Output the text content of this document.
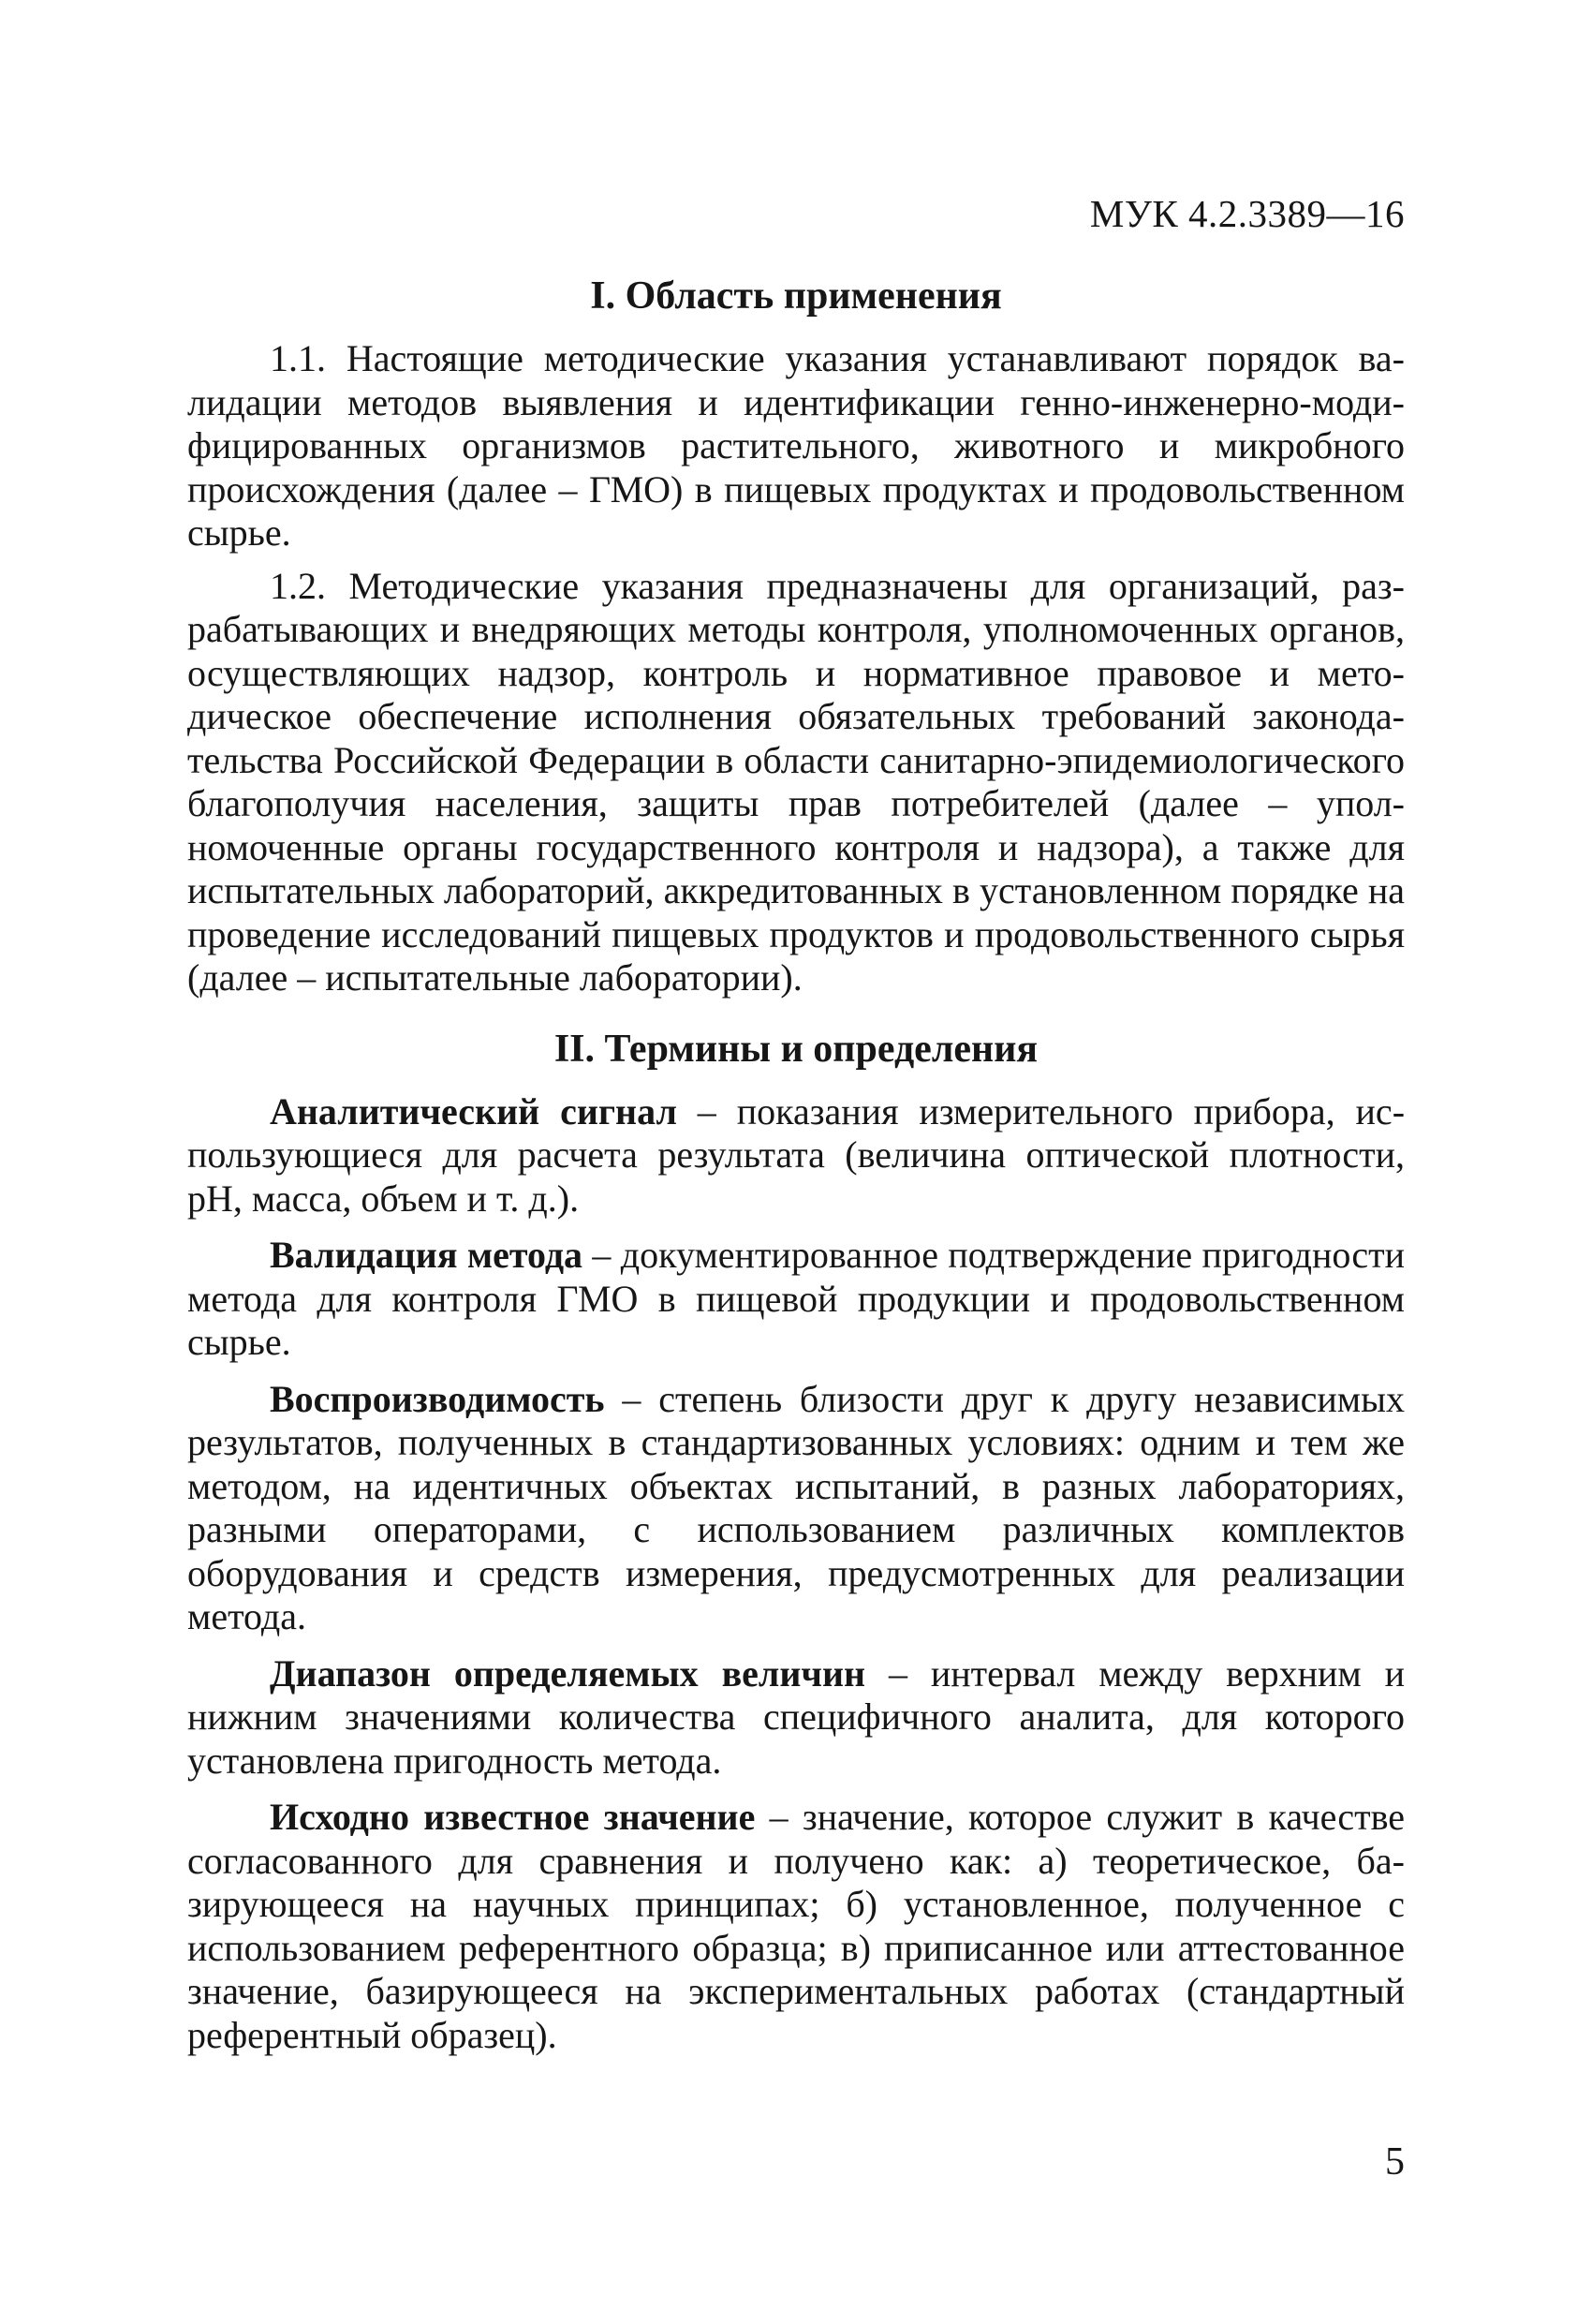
МУК 4.2.3389—16
I. Область применения

1.1. Настоящие методические указания устанавливают порядок валидации методов выявления и идентификации генно-инженерно-модифицированных организмов растительного, животного и микробного происхождения (далее – ГМО) в пищевых продуктах и продовольственном сырье.

1.2. Методические указания предназначены для организаций, разрабатывающих и внедряющих методы контроля, уполномоченных органов, осуществляющих надзор, контроль и нормативное правовое и методическое обеспечение исполнения обязательных требований законодательства Российской Федерации в области санитарно-эпидемиологического благополучия населения, защиты прав потребителей (далее – уполномоченные органы государственного контроля и надзора), а также для испытательных лабораторий, аккредитованных в установленном порядке на проведение исследований пищевых продуктов и продовольственного сырья (далее – испытательные лаборатории).

II. Термины и определения

Аналитический сигнал – показания измерительного прибора, использующиеся для расчета результата (величина оптической плотности, pH, масса, объем и т. д.).

Валидация метода – документированное подтверждение пригодности метода для контроля ГМО в пищевой продукции и продовольственном сырье.

Воспроизводимость – степень близости друг к другу независимых результатов, полученных в стандартизованных условиях: одним и тем же методом, на идентичных объектах испытаний, в разных лабораториях, разными операторами, с использованием различных комплектов оборудования и средств измерения, предусмотренных для реализации метода.

Диапазон определяемых величин – интервал между верхним и нижним значениями количества специфичного аналита, для которого установлена пригодность метода.

Исходно известное значение – значение, которое служит в качестве согласованного для сравнения и получено как: а) теоретическое, базирующееся на научных принципах; б) установленное, полученное с использованием референтного образца; в) приписанное или аттестованное значение, базирующееся на экспериментальных работах (стандартный референтный образец).

5
